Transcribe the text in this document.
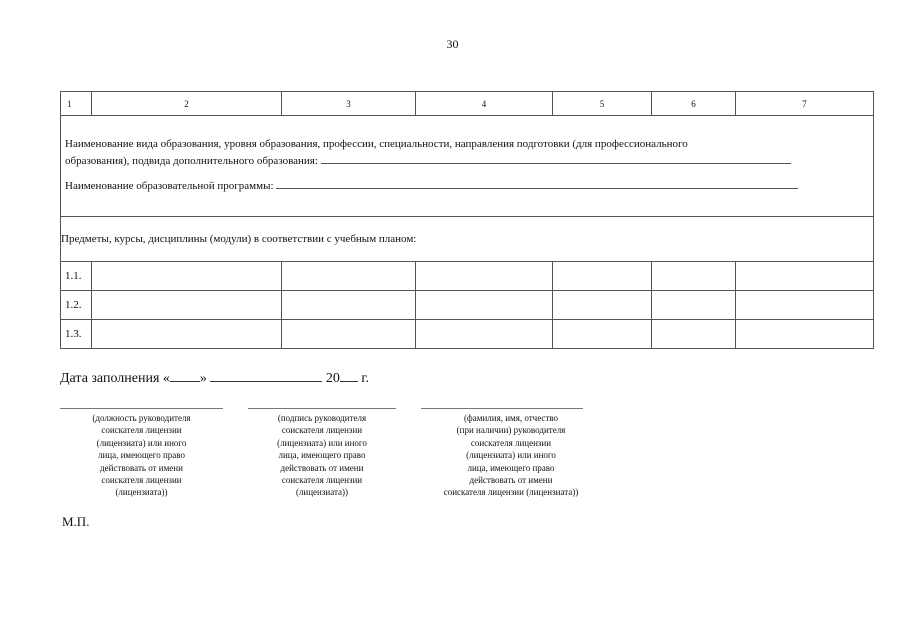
30
1	2	3	4	5	6	7

Наименование вида образования, уровня образования, профессии, специальности, направления подготовки (для профессионального

образования), подвида дополнительного образования:

Наименование образовательной программы:						

Предметы, курсы, дисциплины (модули) в соответствии с учебным планом:						
1.1.						
1.2.						
1.3.						
Дата заполнения « »	20 г.
(должность руководителя
соискателя лицензии
(лицензиата) или иного
лица, имеющего право
действовать от имени
соискателя лицензии
(лицензиата))
(подпись руководителя
соискателя лицензии
(лицензиата) или иного
лица, имеющего право
действовать от имени
соискателя лицензии
(лицензиата))
(фамилия, имя, отчество
(при наличии) руководителя
соискателя лицензии
(лицензиата) или иного
лица, имеющего право
действовать от имени
соискателя лицензии (лицензиата))
М.П.
